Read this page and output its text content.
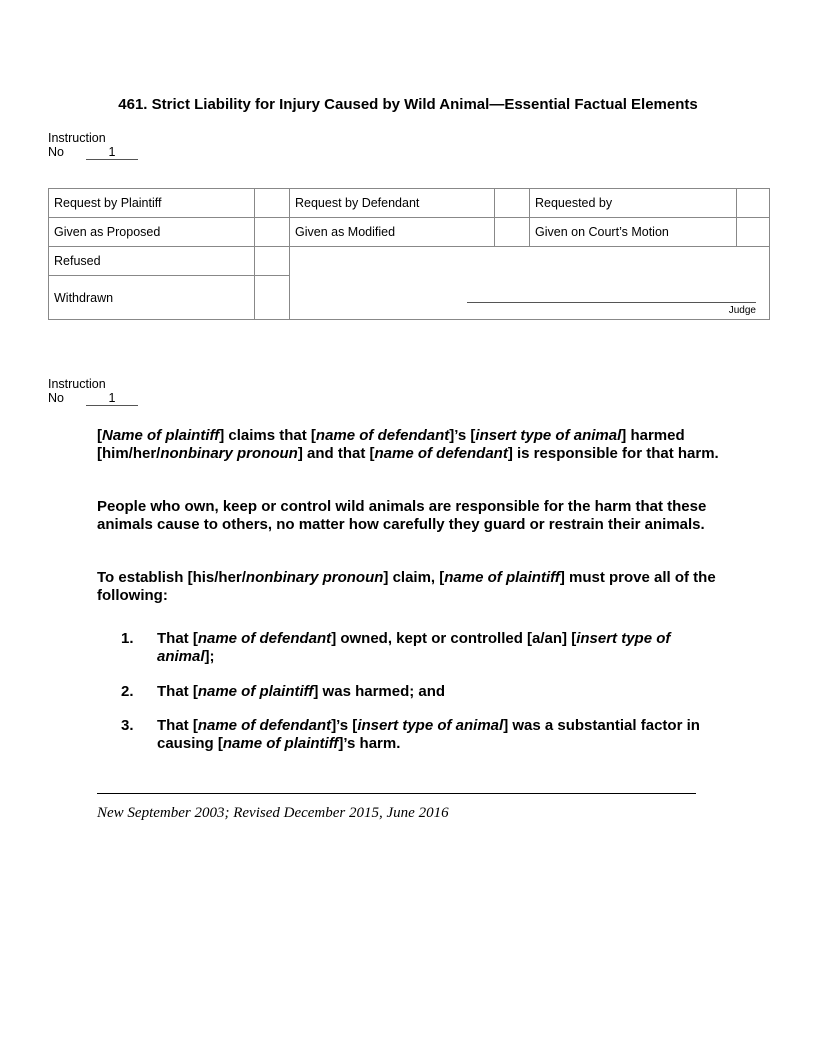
461. Strict Liability for Injury Caused by Wild Animal—Essential Factual Elements
Instruction
No	1
Request by Plaintiff		Request by Defendant		Requested by	
Given as Proposed		Given as Modified		Given on Court’s Motion	
Refused		Judge			

Withdrawn					
Instruction
No	1

[Name of plaintiff] claims that [name of defendant]’s [insert type of animal] harmed [him/her/nonbinary pronoun] and that [name of defendant] is responsible for that harm.

People who own, keep or control wild animals are responsible for the harm that these animals cause to others, no matter how carefully they guard or restrain their animals.

To establish [his/her/nonbinary pronoun] claim, [name of plaintiff] must prove all of the following:

1. That [name of defendant] owned, kept or controlled [a/an] [insert type of animal];
2. That [name of plaintiff] was harmed; and
3. That [name of defendant]’s [insert type of animal] was a substantial factor in causing [name of plaintiff]’s harm.
New September 2003; Revised December 2015, June 2016
